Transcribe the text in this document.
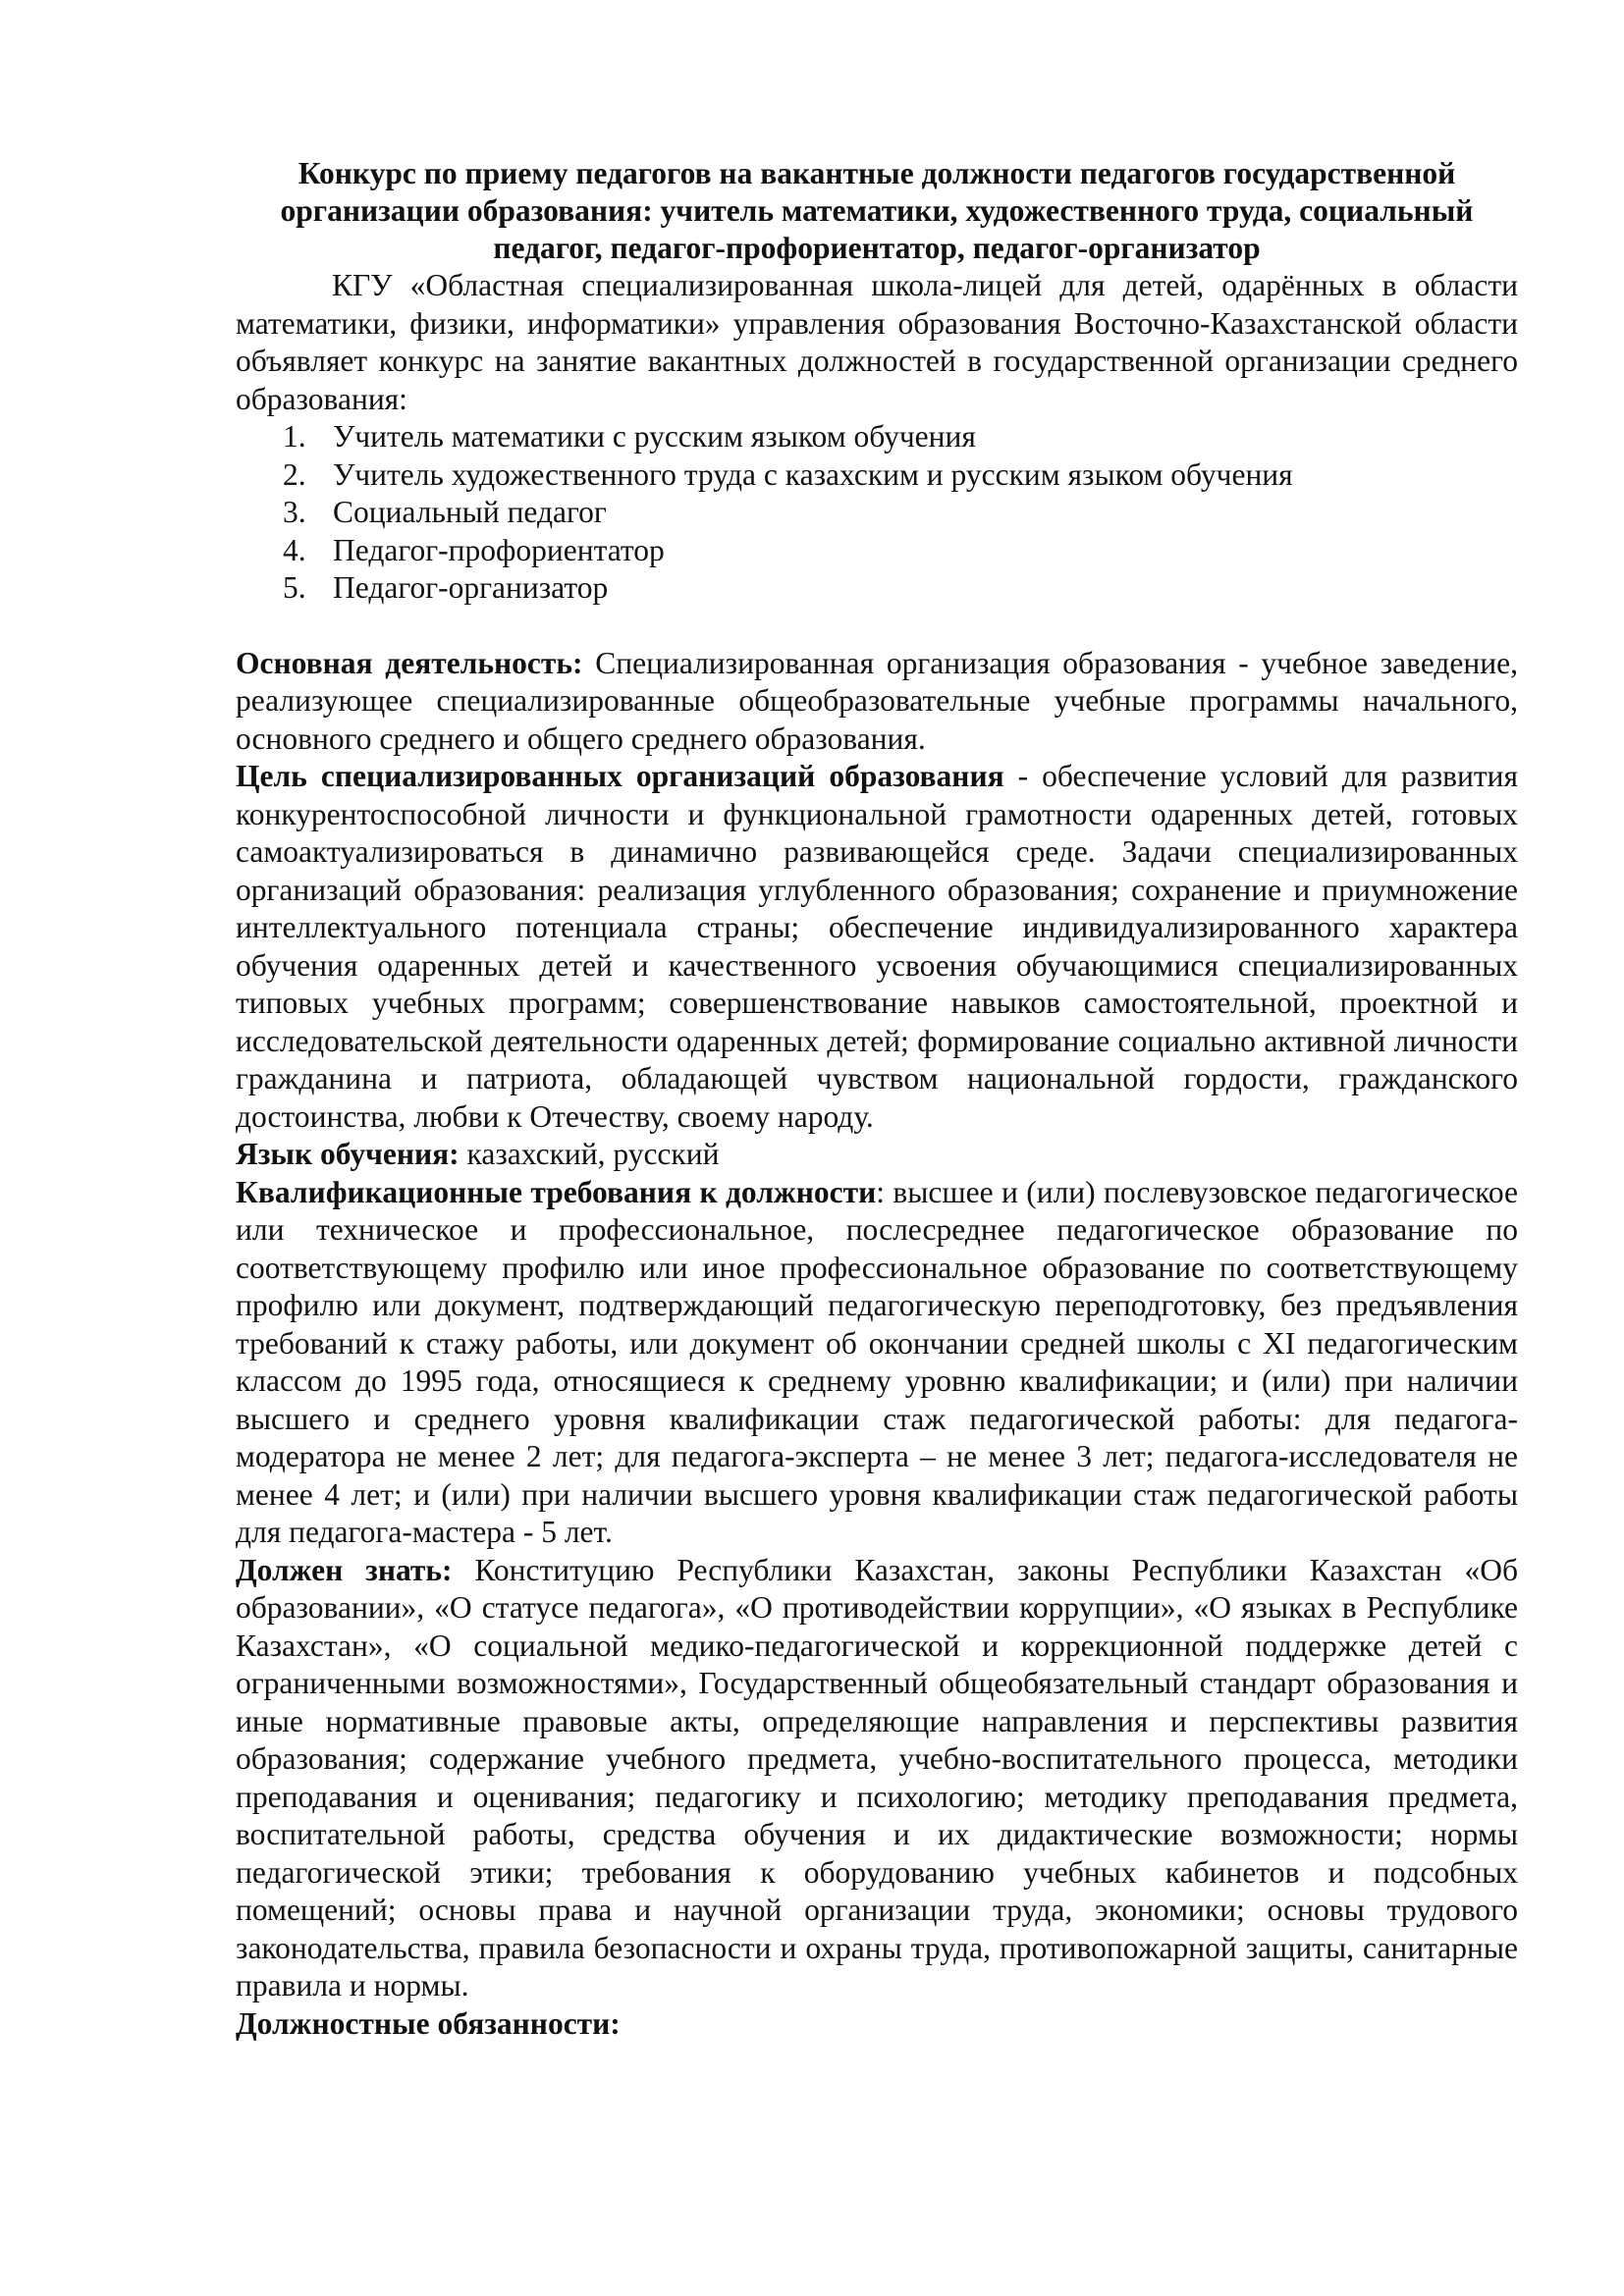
Конкурс по приему педагогов на вакантные должности педагогов государственной
организации образования: учитель математики, художественного труда, социальный
педагог, педагог-профориентатор, педагог-организатор

КГУ «Областная специализированная школа-лицей для детей, одарённых в области математики, физики, информатики» управления образования Восточно-Казахстанской области объявляет конкурс на занятие вакантных должностей в государственной организации среднего образования:

1. Учитель математики с русским языком обучения
2. Учитель художественного труда с казахским и русским языком обучения
3. Социальный педагог
4. Педагог-профориентатор
5. Педагог-организатор

Основная деятельность: Специализированная организация образования - учебное заведение, реализующее специализированные общеобразовательные учебные программы начального, основного среднего и общего среднего образования.

Цель специализированных организаций образования - обеспечение условий для развития конкурентоспособной личности и функциональной грамотности одаренных детей, готовых самоактуализироваться в динамично развивающейся среде. Задачи специализированных организаций образования: реализация углубленного образования; сохранение и приумножение интеллектуального потенциала страны; обеспечение индивидуализированного характера обучения одаренных детей и качественного усвоения обучающимися специализированных типовых учебных программ; совершенствование навыков самостоятельной, проектной и исследовательской деятельности одаренных детей; формирование социально активной личности гражданина и патриота, обладающей чувством национальной гордости, гражданского достоинства, любви к Отечеству, своему народу.

Язык обучения: казахский, русский

Квалификационные требования к должности: высшее и (или) послевузовское педагогическое или техническое и профессиональное, послесреднее педагогическое образование по соответствующему профилю или иное профессиональное образование по соответствующему профилю или документ, подтверждающий педагогическую переподготовку, без предъявления требований к стажу работы, или документ об окончании средней школы с XI педагогическим классом до 1995 года, относящиеся к среднему уровню квалификации; и (или) при наличии высшего и среднего уровня квалификации стаж педагогической работы: для педагога-модератора не менее 2 лет; для педагога-эксперта – не менее 3 лет; педагога-исследователя не менее 4 лет; и (или) при наличии высшего уровня квалификации стаж педагогической работы для педагога-мастера - 5 лет.

Должен знать: Конституцию Республики Казахстан, законы Республики Казахстан «Об образовании», «О статусе педагога», «О противодействии коррупции», «О языках в Республике Казахстан», «О социальной медико-педагогической и коррекционной поддержке детей с ограниченными возможностями», Государственный общеобязательный стандарт образования и иные нормативные правовые акты, определяющие направления и перспективы развития образования; содержание учебного предмета, учебно-воспитательного процесса, методики преподавания и оценивания; педагогику и психологию; методику преподавания предмета, воспитательной работы, средства обучения и их дидактические возможности; нормы педагогической этики; требования к оборудованию учебных кабинетов и подсобных помещений; основы права и научной организации труда, экономики; основы трудового законодательства, правила безопасности и охраны труда, противопожарной защиты, санитарные правила и нормы.

Должностные обязанности:
